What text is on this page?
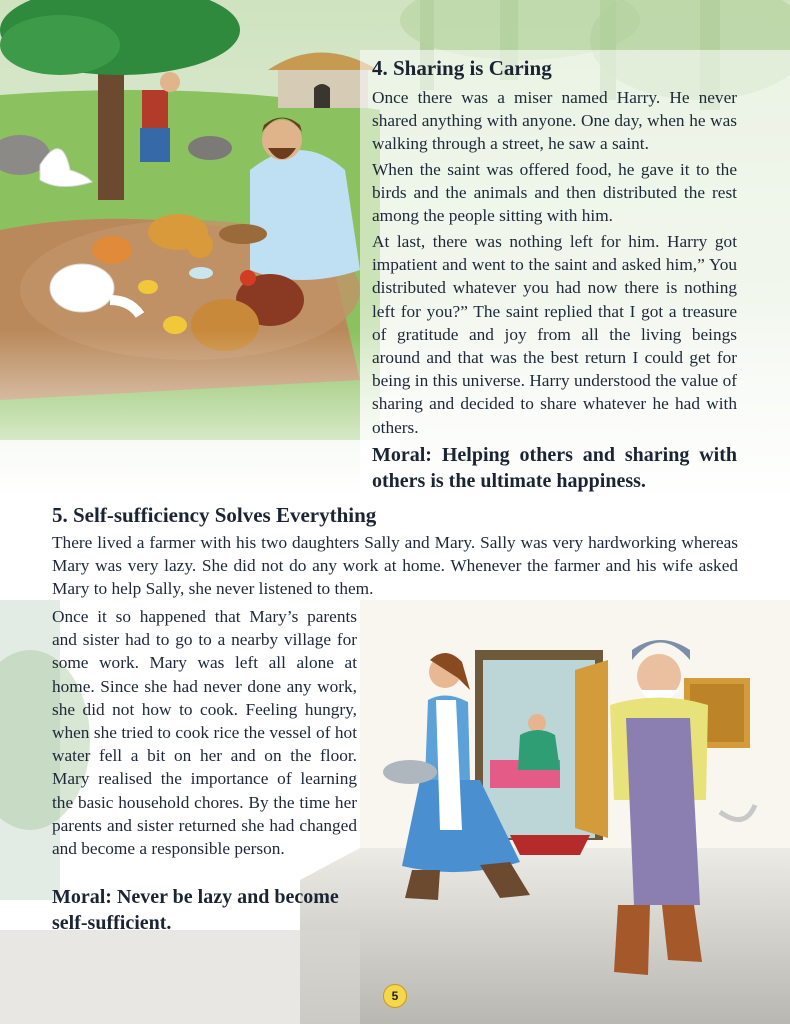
4. Sharing is Caring

Once there was a miser named Harry. He never shared anything with anyone. One day, when he was walking through a street, he saw a saint.

When the saint was offered food, he gave it to the birds and the animals and then distributed the rest among the people sitting with him.

At last, there was nothing left for him. Harry got impatient and went to the saint and asked him,” You distributed whatever you had now there is nothing left for you?” The saint replied that I got a treasure of gratitude and joy from all the living beings around and that was the best return I could get for being in this universe. Harry understood the value of sharing and decided to share whatever he had with others.

Moral: Helping others and sharing with others is the ultimate happiness.

5. Self-sufficiency Solves Everything

There lived a farmer with his two daughters Sally and Mary. Sally was very hardworking whereas Mary was very lazy. She did not do any work at home. Whenever the farmer and his wife asked Mary to help Sally, she never listened to them.

Once it so happened that Mary’s parents and sister had to go to a nearby village for some work. Mary was left all alone at home. Since she had never done any work, she did not how to cook. Feeling hungry, when she tried to cook rice the vessel of hot water fell a bit on her and on the floor. Mary realised the importance of learning the basic household chores. By the time her parents and sister returned she had changed and become a responsible person.

Moral: Never be lazy and become self-sufficient.

5
